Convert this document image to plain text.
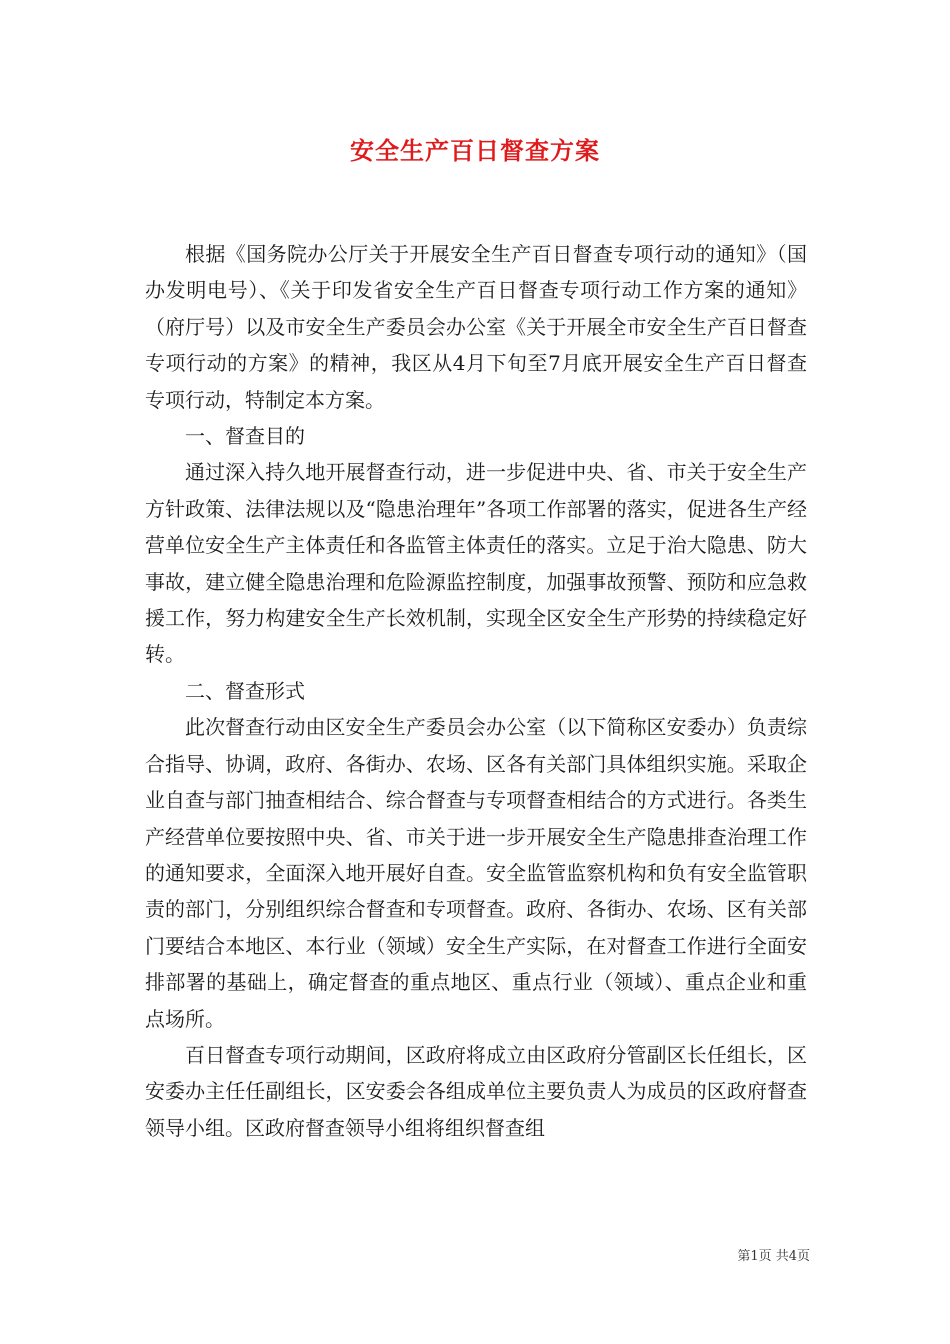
安全生产百日督查方案

根据《国务院办公厅关于开展安全生产百日督查专项行动的通知》（国办发明电号）、《关于印发省安全生产百日督查专项行动工作方案的通知》（府厅号）以及市安全生产委员会办公室《关于开展全市安全生产百日督查专项行动的方案》的精神，我区从4月下旬至7月底开展安全生产百日督查专项行动，特制定本方案。

一、督查目的

通过深入持久地开展督查行动，进一步促进中央、省、市关于安全生产方针政策、法律法规以及“隐患治理年”各项工作部署的落实，促进各生产经营单位安全生产主体责任和各监管主体责任的落实。立足于治大隐患、防大事故，建立健全隐患治理和危险源监控制度，加强事故预警、预防和应急救援工作，努力构建安全生产长效机制，实现全区安全生产形势的持续稳定好转。

二、督查形式

此次督查行动由区安全生产委员会办公室（以下简称区安委办）负责综合指导、协调，政府、各街办、农场、区各有关部门具体组织实施。采取企业自查与部门抽查相结合、综合督查与专项督查相结合的方式进行。各类生产经营单位要按照中央、省、市关于进一步开展安全生产隐患排查治理工作的通知要求，全面深入地开展好自查。安全监管监察机构和负有安全监管职责的部门，分别组织综合督查和专项督查。政府、各街办、农场、区有关部门要结合本地区、本行业（领域）安全生产实际，在对督查工作进行全面安排部署的基础上，确定督查的重点地区、重点行业（领域）、重点企业和重点场所。

百日督查专项行动期间，区政府将成立由区政府分管副区长任组长，区安委办主任任副组长，区安委会各组成单位主要负责人为成员的区政府督查领导小组。区政府督查领导小组将组织督查组

第1页 共4页
